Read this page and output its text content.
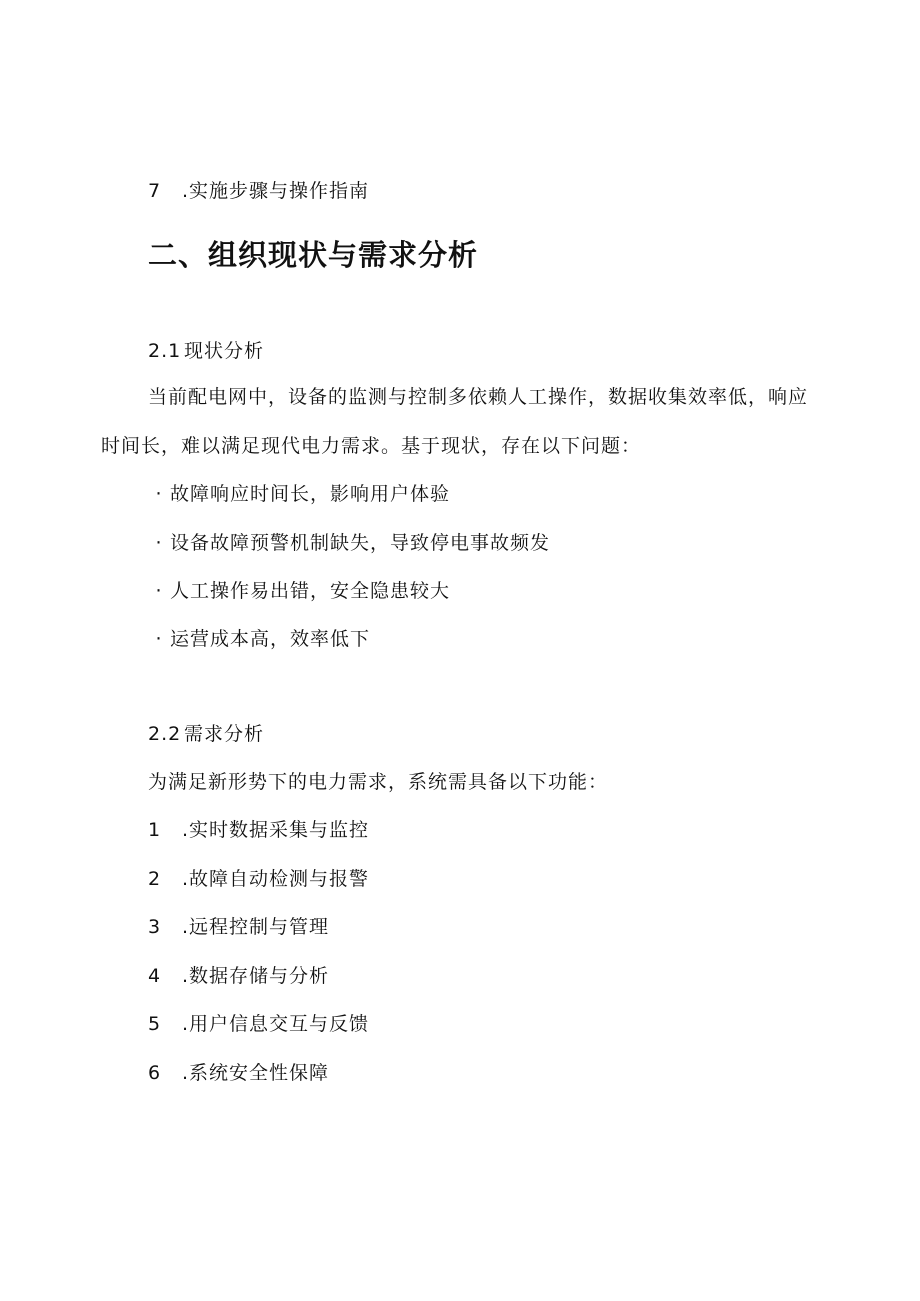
7 .实施步骤与操作指南
二、组织现状与需求分析
2.1 现状分析
当前配电网中，设备的监测与控制多依赖人工操作，数据收集效率低，响应
时间长，难以满足现代电力需求。基于现状，存在以下问题：
· 故障响应时间长，影响用户体验
· 设备故障预警机制缺失，导致停电事故频发
· 人工操作易出错，安全隐患较大
· 运营成本高，效率低下
2.2 需求分析
为满足新形势下的电力需求，系统需具备以下功能：
1 .实时数据采集与监控
2 .故障自动检测与报警
3 .远程控制与管理
4 .数据存储与分析
5 .用户信息交互与反馈
6 .系统安全性保障
